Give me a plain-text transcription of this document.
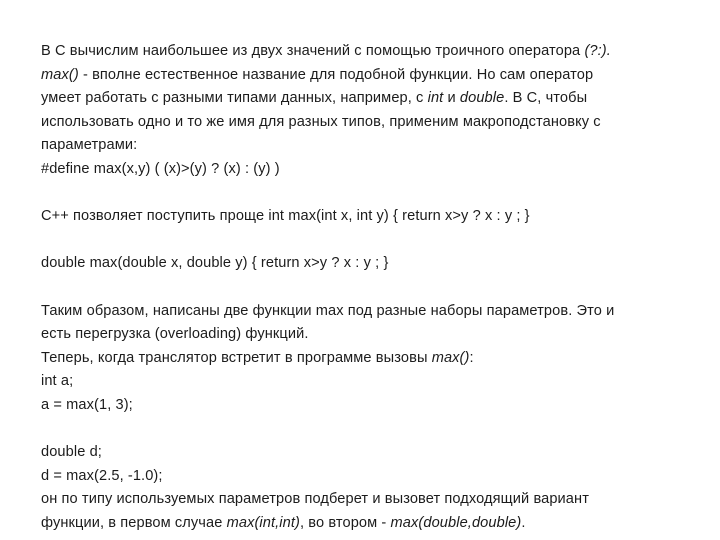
В С вычислим наибольшее из двух значений с помощью троичного оператора (?:).
max() - вполне естественное название для подобной функции. Но сам оператор
умеет работать с разными типами данных, например, с int и double. В С, чтобы
использовать одно и то же имя для разных типов, применим макроподстановку с
параметрами:
#define max(x,y) ( (x)>(y) ? (x) : (y) )
С++ позволяет поступить проще int max(int x, int y) { return x>y ? x : y ; }
double max(double x, double y) { return x>y ? x : y ; }
Таким образом, написаны две функции max под разные наборы параметров. Это и
есть перегрузка (overloading) функций.
Теперь, когда транслятор встретит в программе вызовы max():
int a;
a = max(1, 3);
double d;
d = max(2.5, -1.0);
он по типу используемых параметров подберет и вызовет подходящий вариант
функции, в первом случае max(int,int), во втором - max(double,double).
